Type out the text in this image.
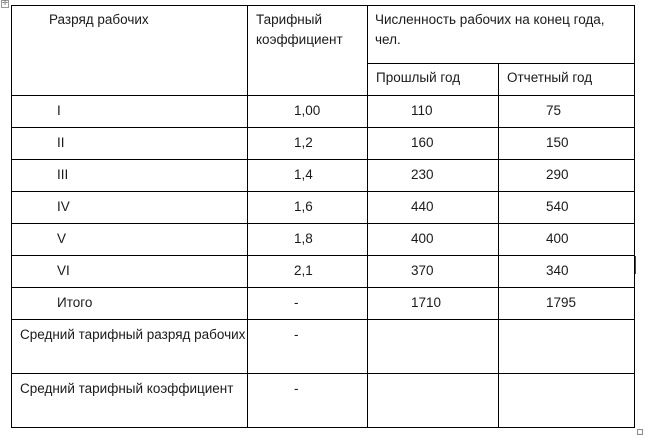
✛
Разряд рабочих	Тарифный коэффициент	Численность рабочих на конец года, чел.	
		Прошлый год	Отчетный год
I	1,00	110	75
II	1,2	160	150
III	1,4	230	290
IV	1,6	440	540
V	1,8	400	400
VI	2,1	370	340
Итого	-	1710	1795
Средний тарифный разряд рабочих	-		
Средний тарифный коэффициент	-		
